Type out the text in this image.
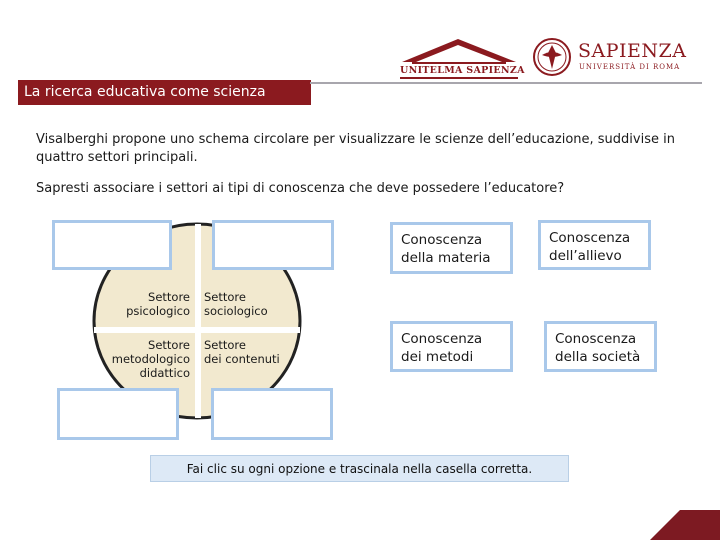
UNITELMA SAPIENZA
SAPIENZA
UNIVERSITÀ DI ROMA
La ricerca educativa come scienza
Visalberghi propone uno schema circolare per visualizzare le scienze dell’educazione, suddivise in quattro settori principali.
Sapresti associare i settori ai tipi di conoscenza che deve possedere l’educatore?
Settore
psicologico
Settore
sociologico
Settore
metodologico
didattico
Settore
dei contenuti
Conoscenza della materia
Conoscenza dell’allievo
Conoscenza dei metodi
Conoscenza della società
Fai clic su ogni opzione e trascinala nella casella corretta.
